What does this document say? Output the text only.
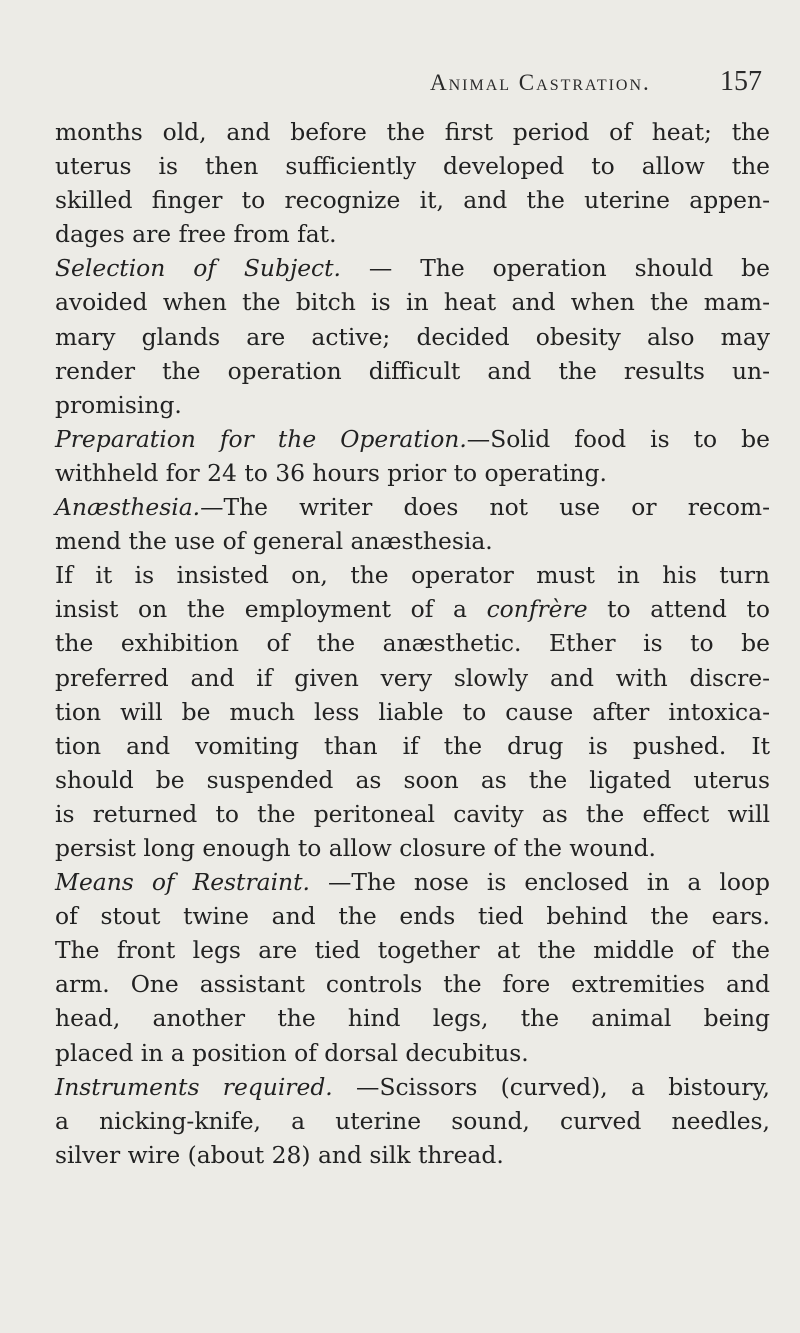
Animal Castration. 157
months old, and before the first period of heat; the
uterus is then sufficiently developed to allow the
skilled finger to recognize it, and the uterine appen-
dages are free from fat.
Selection of Subject. — The operation should be
avoided when the bitch is in heat and when the mam-
mary glands are active; decided obesity also may
render the operation difficult and the results un-
promising.
Preparation for the Operation.—Solid food is to be
withheld for 24 to 36 hours prior to operating.
Anæsthesia.—The writer does not use or recom-
mend the use of general anæsthesia.
If it is insisted on, the operator must in his turn
insist on the employment of a confrère to attend to
the exhibition of the anæsthetic. Ether is to be
preferred and if given very slowly and with discre-
tion will be much less liable to cause after intoxica-
tion and vomiting than if the drug is pushed. It
should be suspended as soon as the ligated uterus
is returned to the peritoneal cavity as the effect will
persist long enough to allow closure of the wound.
Means of Restraint. —The nose is enclosed in a loop
of stout twine and the ends tied behind the ears.
The front legs are tied together at the middle of the
arm. One assistant controls the fore extremities and
head, another the hind legs, the animal being
placed in a position of dorsal decubitus.
Instruments required. —Scissors (curved), a bistoury,
a nicking-knife, a uterine sound, curved needles,
silver wire (about 28) and silk thread.
